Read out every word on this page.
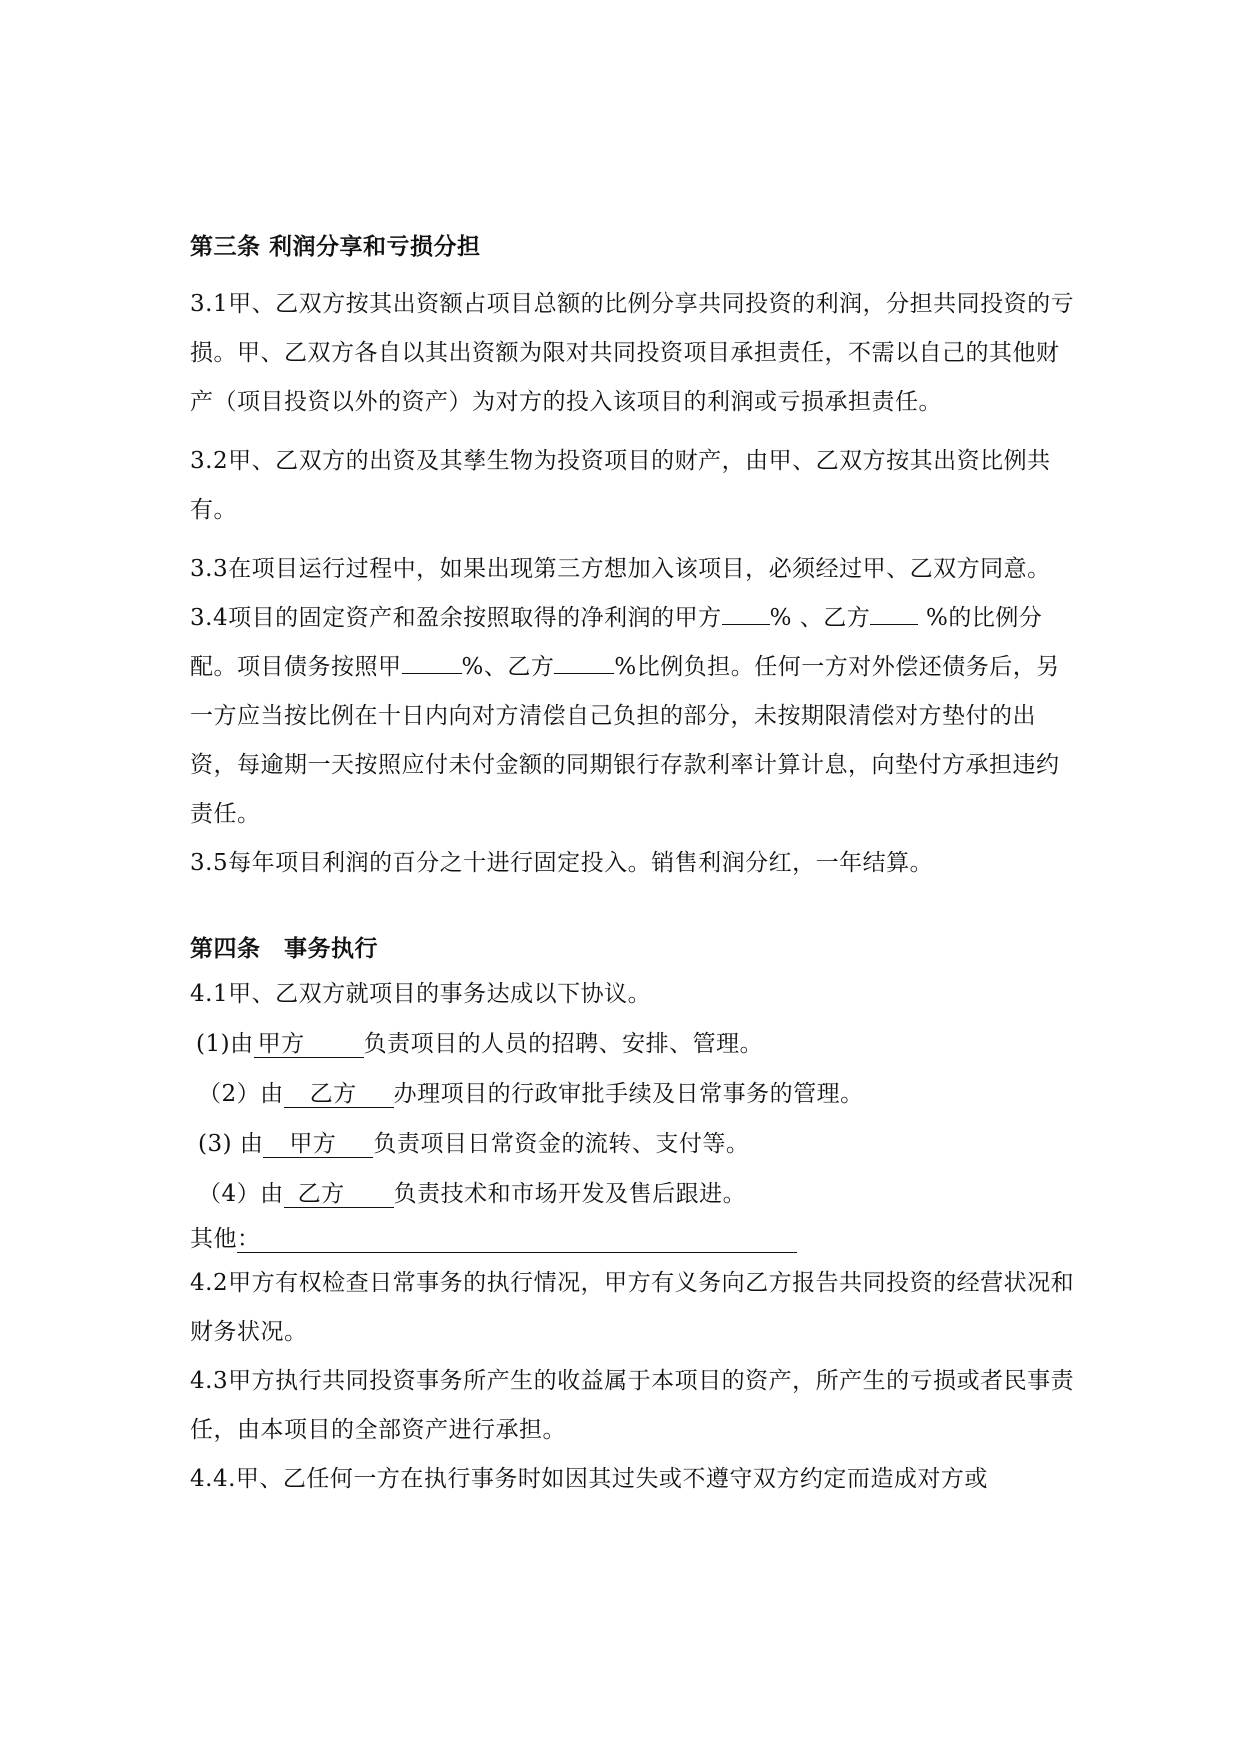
第三条 利润分享和亏损分担

3.1甲、乙双方按其出资额占项目总额的比例分享共同投资的利润，分担共同投资的亏损。甲、乙双方各自以其出资额为限对共同投资项目承担责任，不需以自己的其他财产（项目投资以外的资产）为对方的投入该项目的利润或亏损承担责任。

3.2甲、乙双方的出资及其孳生物为投资项目的财产，由甲、乙双方按其出资比例共有。

3.3在项目运行过程中，如果出现第三方想加入该项目，必须经过甲、乙双方同意。

3.4项目的固定资产和盈余按照取得的净利润的甲方 % 、乙方 %的比例分配。项目债务按照甲	%、乙方	%比例负担。任何一方对外偿还债务后，另一方应当按比例在十日内向对方清偿自己负担的部分，未按期限清偿对方垫付的出资，每逾期一天按照应付未付金额的同期银行存款利率计算计息，向垫付方承担违约责任。

3.5每年项目利润的百分之十进行固定投入。销售利润分红，一年结算。

第四条　事务执行

4.1甲、乙双方就项目的事务达成以下协议。

(1)由 甲方	负责项目的人员的招聘、安排、管理。

（2）由 乙方 办理项目的行政审批手续及日常事务的管理。

(3) 由 甲方 负责项目日常资金的流转、支付等。

（4）由 乙方 负责技术和市场开发及售后跟进。

其他：

4.2甲方有权检查日常事务的执行情况，甲方有义务向乙方报告共同投资的经营状况和财务状况。

4.3甲方执行共同投资事务所产生的收益属于本项目的资产，所产生的亏损或者民事责任，由本项目的全部资产进行承担。

4.4.甲、乙任何一方在执行事务时如因其过失或不遵守双方约定而造成对方或
